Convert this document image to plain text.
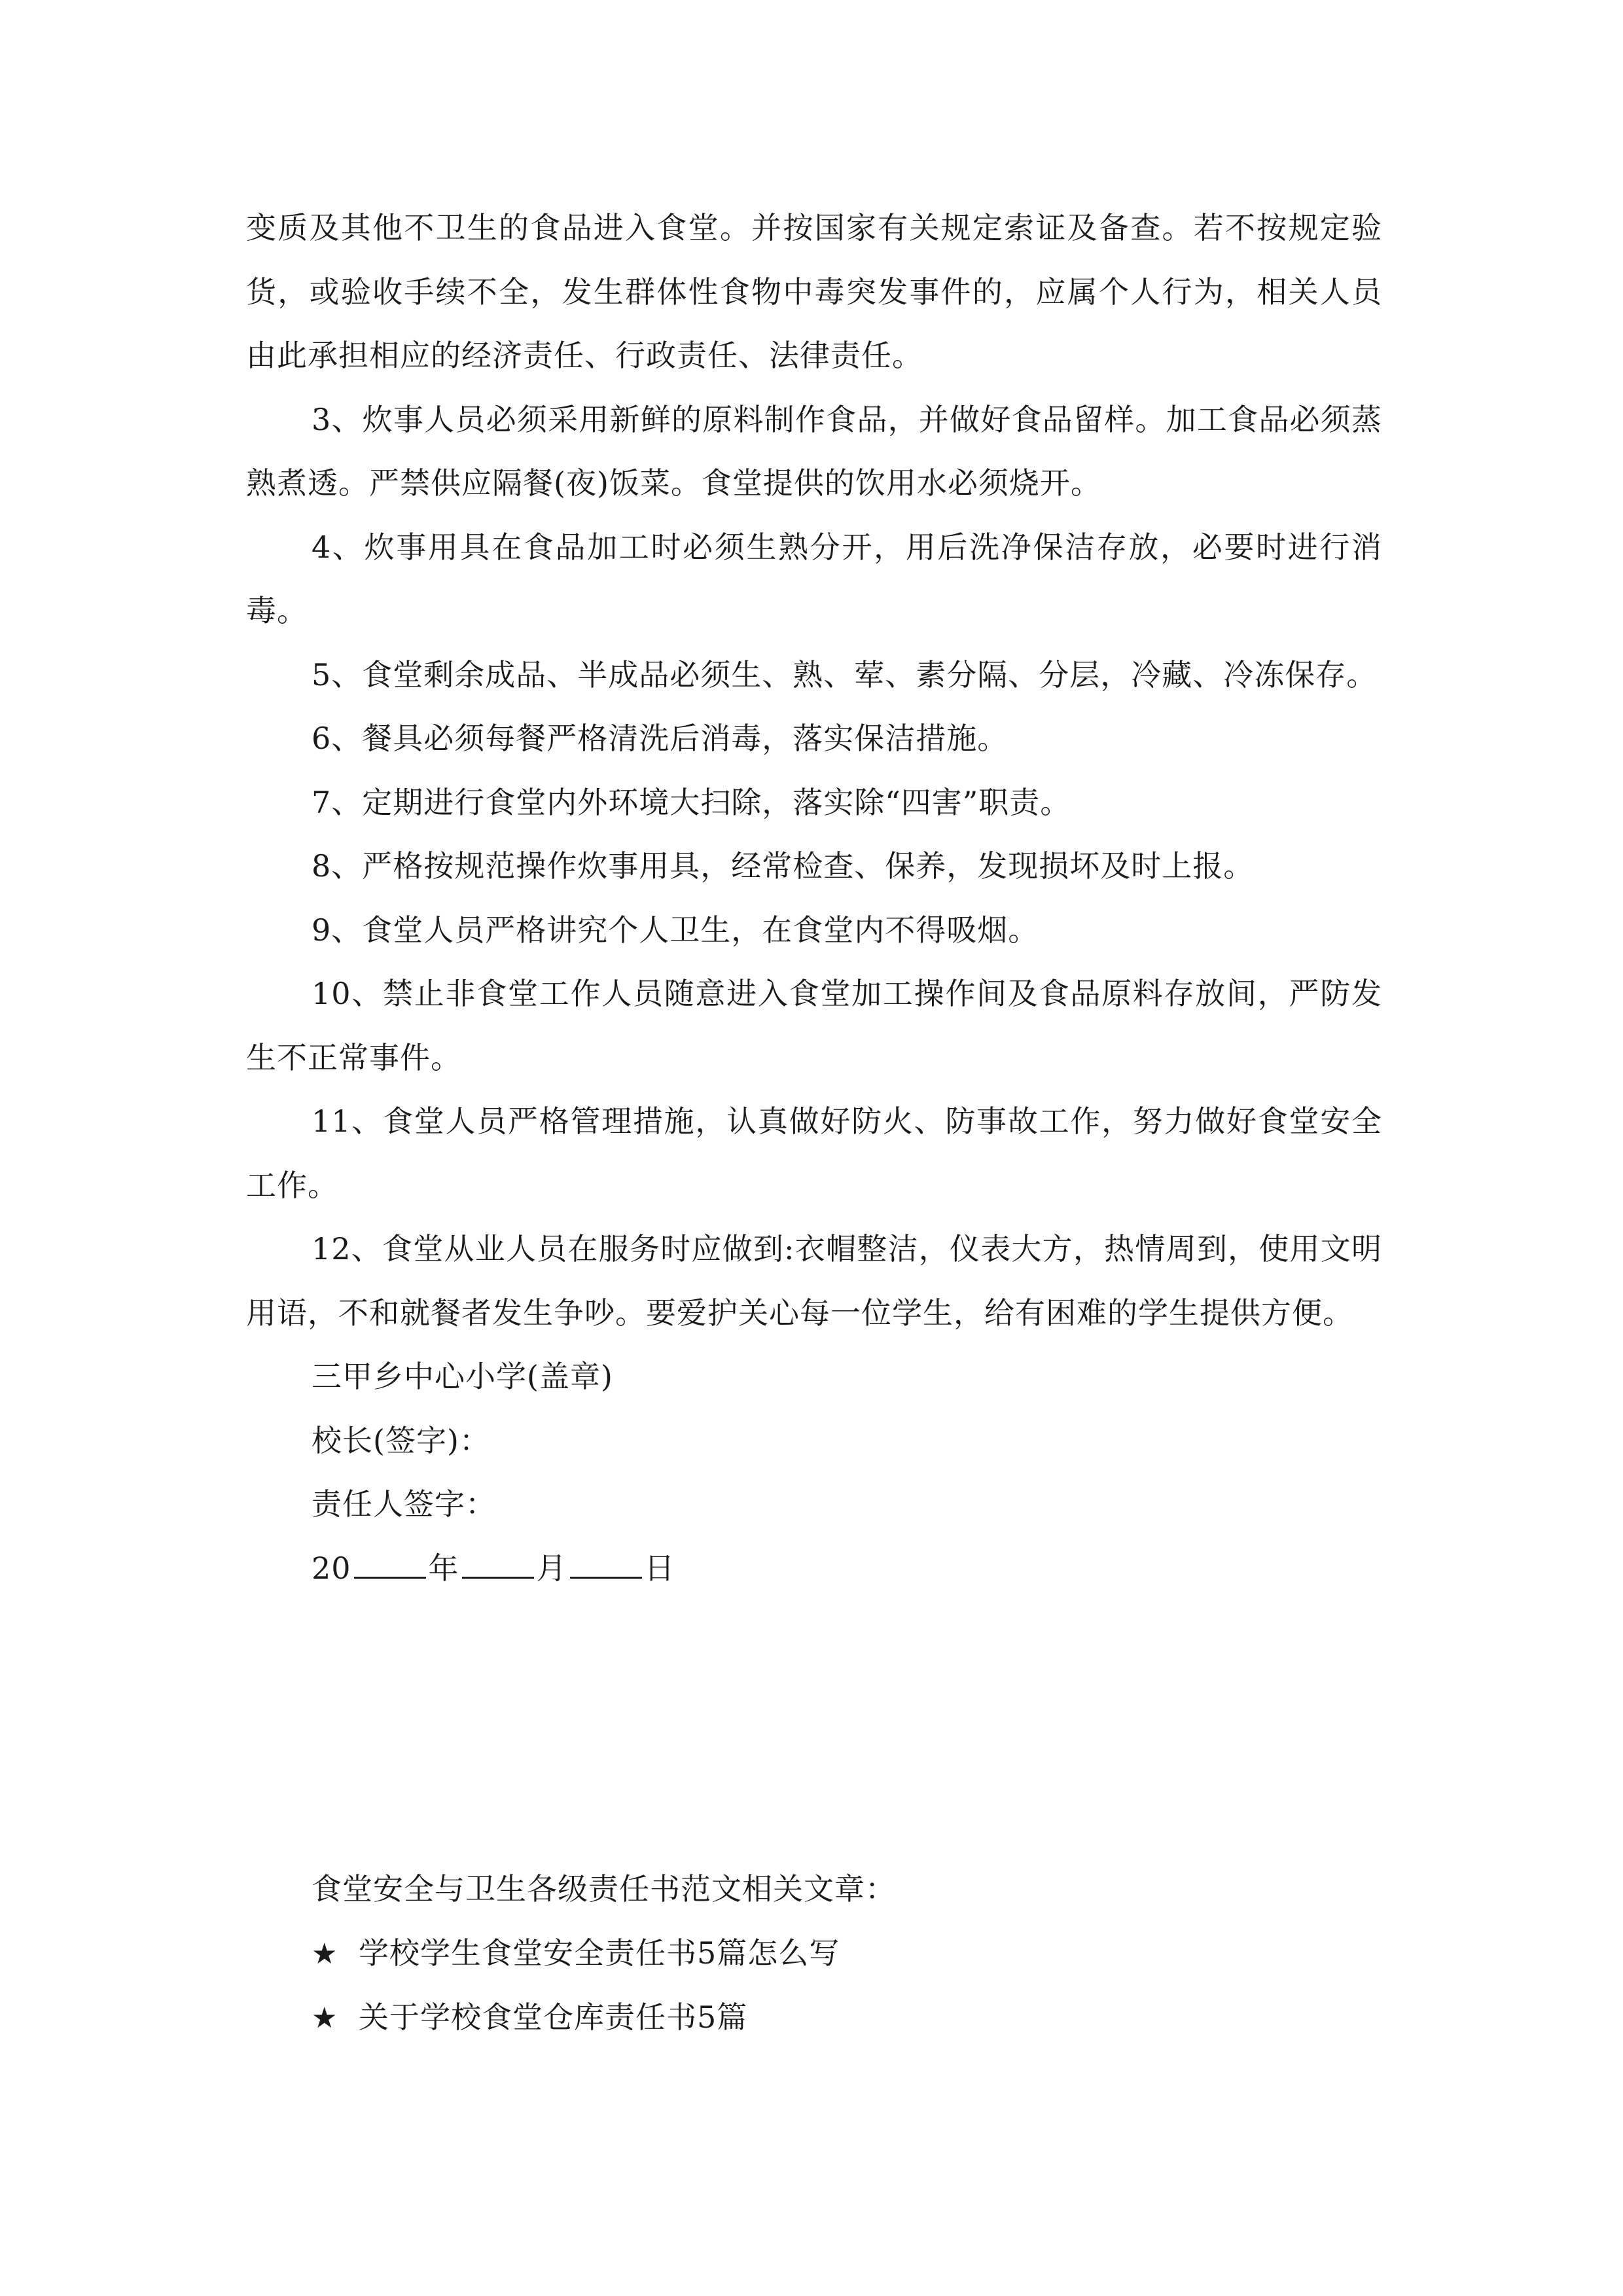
变质及其他不卫生的食品进入食堂。并按国家有关规定索证及备查。若不按规定验货，或验收手续不全，发生群体性食物中毒突发事件的，应属个人行为，相关人员由此承担相应的经济责任、行政责任、法律责任。

3、炊事人员必须采用新鲜的原料制作食品，并做好食品留样。加工食品必须蒸熟煮透。严禁供应隔餐(夜)饭菜。食堂提供的饮用水必须烧开。

4、炊事用具在食品加工时必须生熟分开，用后洗净保洁存放，必要时进行消毒。

5、食堂剩余成品、半成品必须生、熟、荤、素分隔、分层，冷藏、冷冻保存。

6、餐具必须每餐严格清洗后消毒，落实保洁措施。

7、定期进行食堂内外环境大扫除，落实除“四害”职责。

8、严格按规范操作炊事用具，经常检查、保养，发现损坏及时上报。

9、食堂人员严格讲究个人卫生，在食堂内不得吸烟。

10、禁止非食堂工作人员随意进入食堂加工操作间及食品原料存放间，严防发生不正常事件。

11、食堂人员严格管理措施，认真做好防火、防事故工作，努力做好食堂安全工作。

12、食堂从业人员在服务时应做到:衣帽整洁，仪表大方，热情周到，使用文明用语，不和就餐者发生争吵。要爱护关心每一位学生，给有困难的学生提供方便。

三甲乡中心小学(盖章)

校长(签字)：

责任人签字：

20	年	月	日

食堂安全与卫生各级责任书范文相关文章：

★ 学校学生食堂安全责任书5篇怎么写

★ 关于学校食堂仓库责任书5篇
